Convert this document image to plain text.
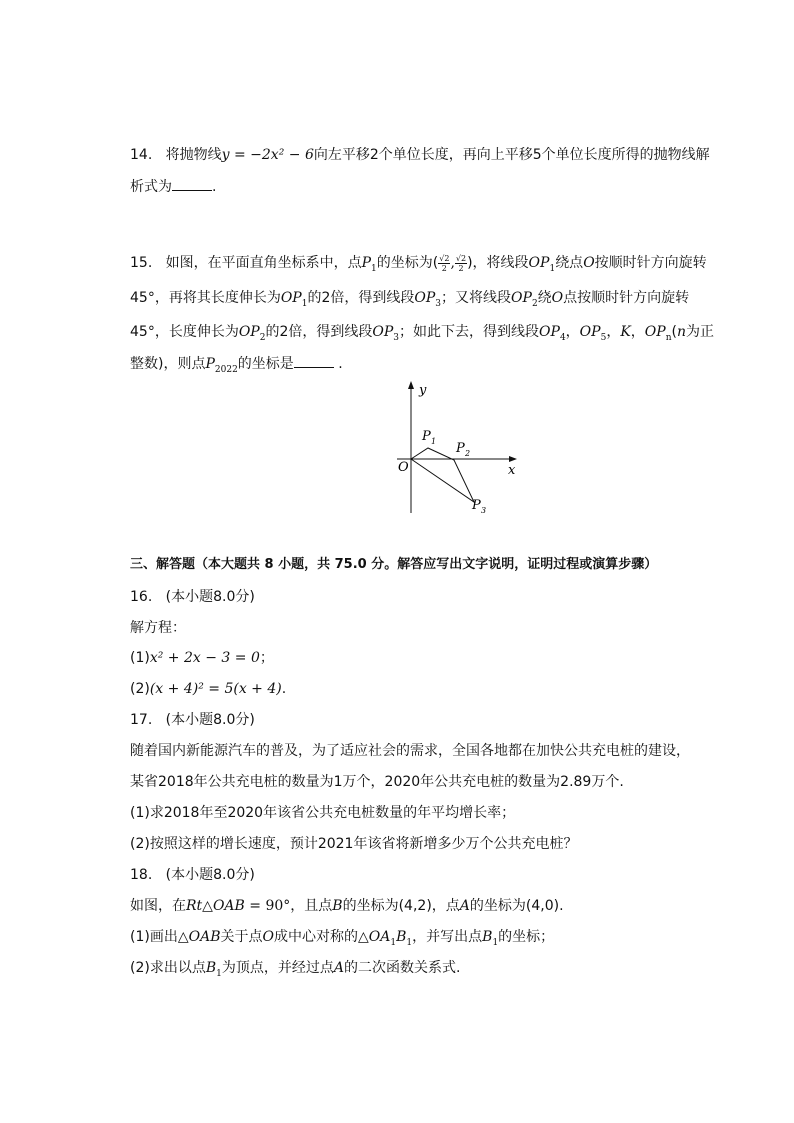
14. 将抛物线y = −2x² − 6向左平移2个单位长度，再向上平移5个单位长度所得的抛物线解
析式为	.
15. 如图，在平面直角坐标系中，点$P_1$的坐标为( $\frac{√2}{2}$ , $\frac{√2}{2}$ )，将线段$OP_1$绕点O按顺时针方向旋转
45°，再将其长度伸长为$OP_1$的2倍，得到线段$OP_3$；又将线段$OP_2$绕O点按顺时针方向旋转
45°，长度伸长为$OP_2$的2倍，得到线段$OP_3$；如此下去，得到线段$OP_4$，$OP_5$，K，$OP_n(n$为正
整数)，则点$P_{2022}$的坐标是	.
x
y
O
P 1 P 2
P 3
三、解答题（本大题共 8 小题，共 75.0 分。解答应写出文字说明，证明过程或演算步骤）
16. (本小题8.0分)
解方程：
(1)x² + 2x − 3 = 0；
(2)(x + 4)² = 5(x + 4).
17. (本小题8.0分)
随着国内新能源汽车的普及，为了适应社会的需求，全国各地都在加快公共充电桩的建设，
某省2018年公共充电桩的数量为1万个，2020年公共充电桩的数量为2.89万个.
(1)求2018年至2020年该省公共充电桩数量的年平均增长率；
(2)按照这样的增长速度，预计2021年该省将新增多少万个公共充电桩？
18. (本小题8.0分)
如图，在Rt△OAB = 90°，且点B的坐标为(4,2)，点A的坐标为(4,0).
(1)画出△OAB关于点O成中心对称的$\triangle OA_1B_1$，并写出点$B_1$的坐标；
(2)求出以点$B_1$为顶点，并经过点A的二次函数关系式.
